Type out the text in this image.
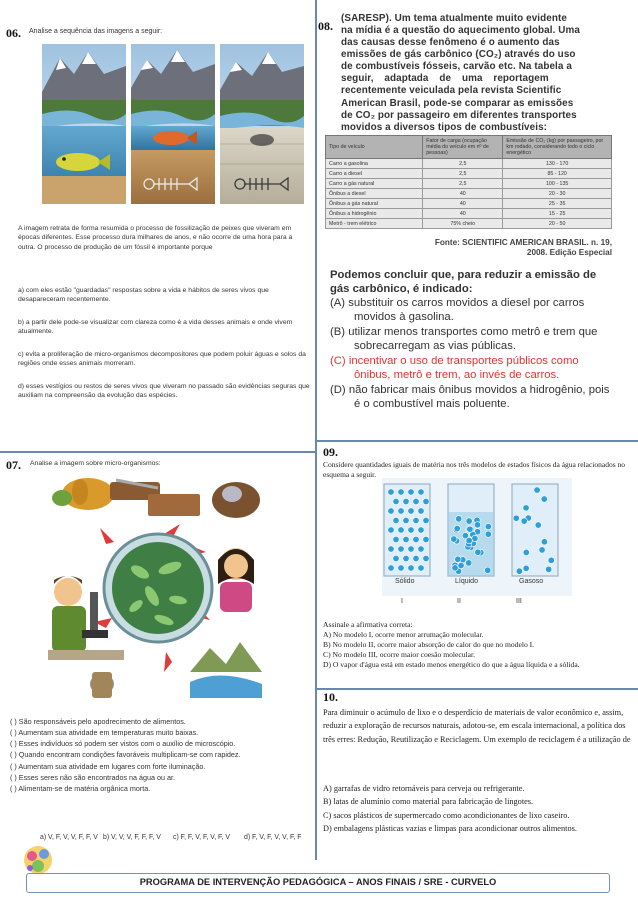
06. Analise a sequência das imagens a seguir:
A imagem retrata de forma resumida o processo de fossilização de peixes que viveram em épocas diferentes. Esse processo dura milhares de anos, e não ocorre de uma hora para a outra. O processo de produção de um fóssil é importante porque
a) com eles estão "guardadas" respostas sobre a vida e hábitos de seres vivos que desapareceram recentemente.
b) a partir dele pode-se visualizar com clareza como é a vida desses animais e onde vivem atualmente.
c) evita a proliferação de micro-organismos decompositores que podem poluir águas e solos da regiões onde esses animais morreram.
d) esses vestígios ou restos de seres vivos que viveram no passado são evidências seguras que auxiliam na compreensão da evolução das espécies.
07. Analise a imagem sobre micro-organismos:
( ) São responsáveis pelo apodrecimento de alimentos.
( ) Aumentam sua atividade em temperaturas muito baixas.
( ) Esses indivíduos só podem ser vistos com o auxílio de microscópio.
( ) Quando encontram condições favoráveis multiplicam-se com rapidez.
( ) Aumentam sua atividade em lugares com forte iluminação.
( ) Esses seres não são encontrados na água ou ar.
( ) Alimentam-se de matéria orgânica morta.
a) V, F, V, V, F, F, V b) V, V, V, F, F, F, V c) F, F, V, F, V, F, V d) F, V, F, V, V, F, F
08.
(SARESP). Um tema atualmente muito evidente
na mídia é a questão do aquecimento global. Uma
das causas desse fenômeno é o aumento das
emissões de gás carbônico (CO₂) através do uso
de combustíveis fósseis, carvão etc. Na tabela a
seguir, adaptada de uma reportagem
recentemente veiculada pela revista Scientific
American Brasil, pode-se comparar as emissões
de CO₂ por passageiro em diferentes transportes
movidos a diversos tipos de combustíveis:
Tipo de veículo	Fator de carga (ocupação média do veículo em nº de pessoas)	Emissão de CO₂ (kg) por passageiro, por km rodado, considerando todo o ciclo energético
Carro a gasolina	2,5	130 - 170
Carro a diesel	2,5	85 - 120
Carro a gás natural	2,5	100 - 135
Ônibus a diesel	40	20 - 30
Ônibus a gás natural	40	25 - 35
Ônibus a hidrogênio	40	15 - 25
Metrô - trem elétrico	75% cheio	20 - 50
Fonte: SCIENTIFIC AMERICAN BRASIL. n. 19, 2008. Edição Especial
Podemos concluir que, para reduzir a emissão de gás carbônico, é indicado:
(A) substituir os carros movidos a diesel por carros movidos à gasolina.
(B) utilizar menos transportes como metrô e trem que sobrecarregam as vias públicas.
(C) incentivar o uso de transportes públicos como ônibus, metrô e trem, ao invés de carros.
(D) não fabricar mais ônibus movidos a hidrogênio, pois é o combustível mais poluente.
09.
Considere quantidades iguais de matéria nos três modelos de estados físicos da água relacionados no esquema a seguir.
Sólido	Líquido	Gasoso
I	II	III
Assinale a afirmativa correta:
A) No modelo I, ocorre menor arrumação molecular.
B) No modelo II, ocorre maior absorção de calor do que no modelo I.
C) No modelo III, ocorre maior coesão molecular.
D) O vapor d'água está em estado menos energético do que a água líquida e a sólida.
10.
Para diminuir o acúmulo de lixo e o desperdício de materiais de valor econômico e, assim, reduzir a exploração de recursos naturais, adotou-se, em escala internacional, a política dos três erres: Redução, Reutilização e Reciclagem. Um exemplo de reciclagem é a utilização de
A) garrafas de vidro retornáveis para cerveja ou refrigerante.
B) latas de alumínio como material para fabricação de lingotes.
C) sacos plásticos de supermercado como acondicionantes de lixo caseiro.
D) embalagens plásticas vazias e limpas para acondicionar outros alimentos.
PROGRAMA DE INTERVENÇÃO PEDAGÓGICA – ANOS FINAIS / SRE - CURVELO
